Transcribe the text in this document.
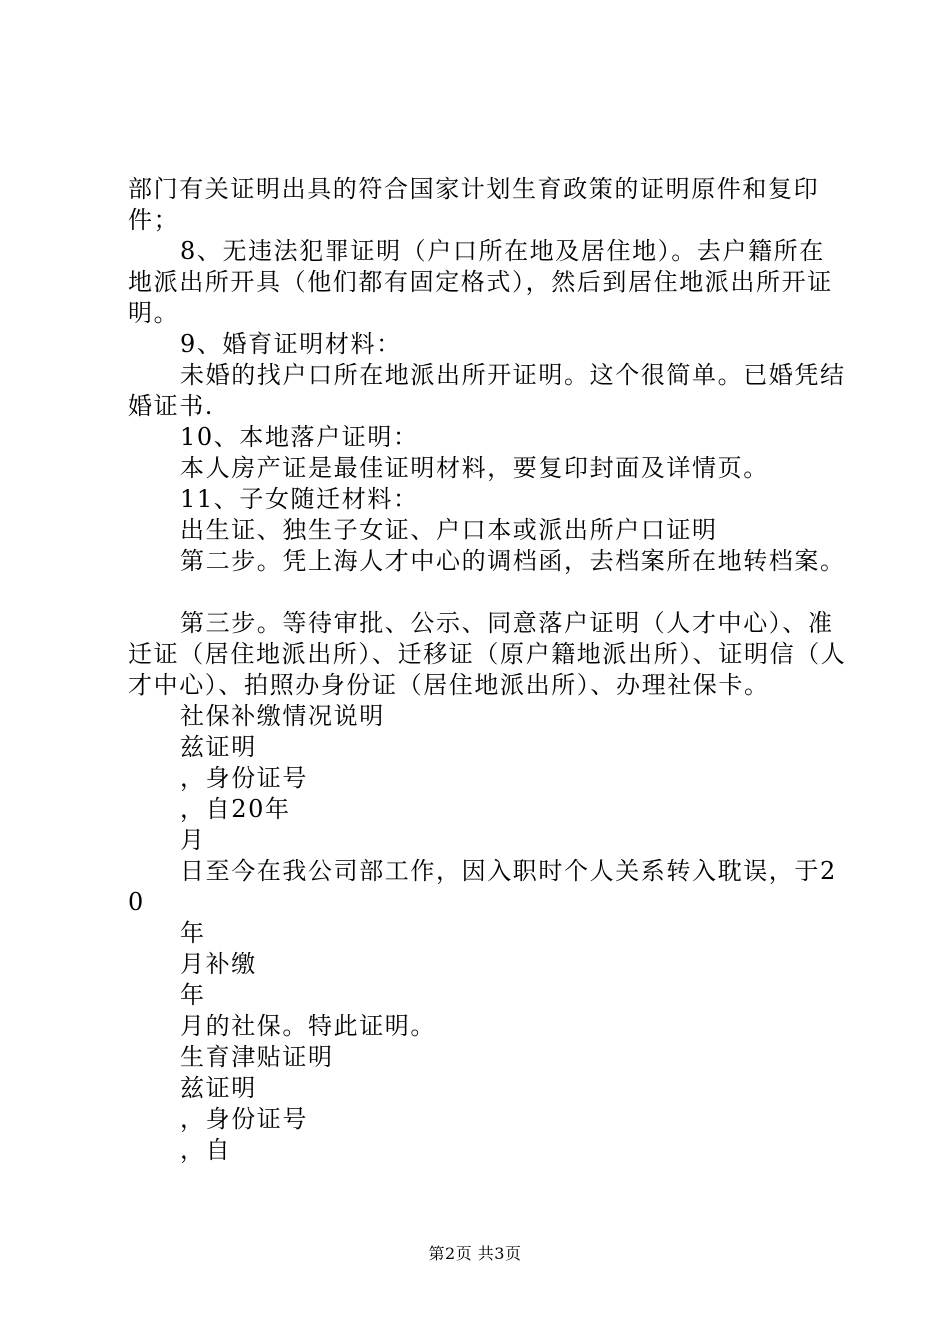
部门有关证明出具的符合国家计划生育政策的证明原件和复印件；

8、无违法犯罪证明（户口所在地及居住地）。去户籍所在地派出所开具（他们都有固定格式），然后到居住地派出所开证明。

9、婚育证明材料：

未婚的找户口所在地派出所开证明。这个很简单。已婚凭结婚证书.

10、本地落户证明：

本人房产证是最佳证明材料，要复印封面及详情页。

11、子女随迁材料：

出生证、独生子女证、户口本或派出所户口证明

第二步。凭上海人才中心的调档函，去档案所在地转档案。

第三步。等待审批、公示、同意落户证明（人才中心）、准迁证（居住地派出所）、迁移证（原户籍地派出所）、证明信（人才中心）、拍照办身份证（居住地派出所）、办理社保卡。

社保补缴情况说明

兹证明

，身份证号

，自20年

月

日至今在我公司部工作，因入职时个人关系转入耽误，于20

年

月补缴

年

月的社保。特此证明。

生育津贴证明

兹证明

，身份证号

，自

第2页 共3页
